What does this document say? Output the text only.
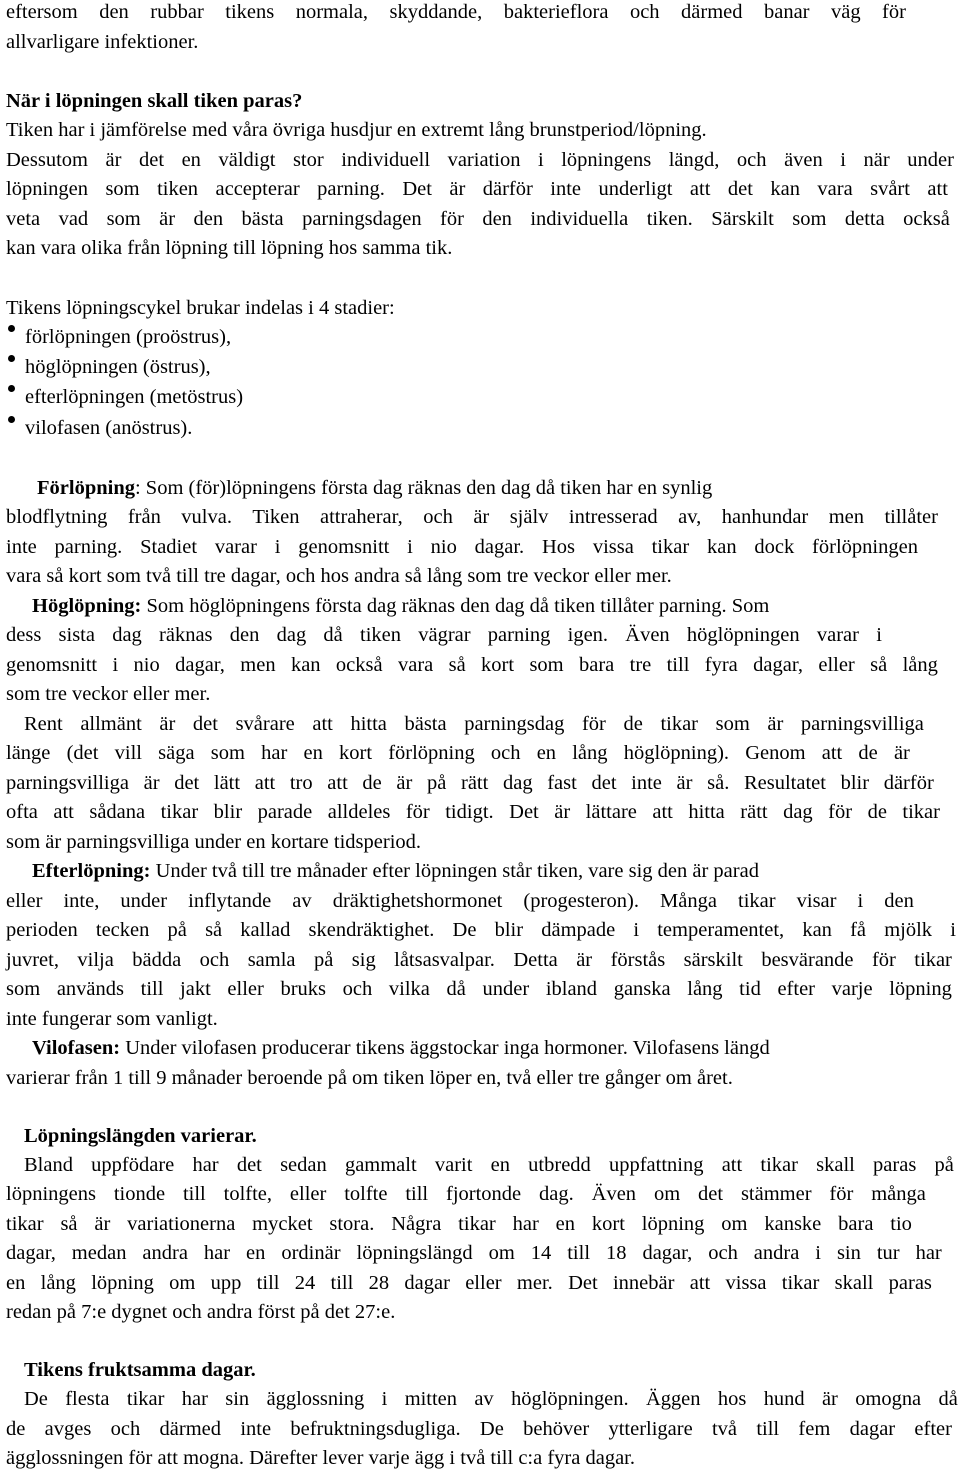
eftersom den rubbar tikens normala, skyddande, bakterieflora och därmed banar väg för

allvarligare infektioner.

När i löpningen skall tiken paras?

Tiken har i jämförelse med våra övriga husdjur en extremt lång brunstperiod/löpning.

Dessutom är det en väldigt stor individuell variation i löpningens längd, och även i när under

löpningen som tiken accepterar parning. Det är därför inte underligt att det kan vara svårt att

veta vad som är den bästa parningsdagen för den individuella tiken. Särskilt som detta också

kan vara olika från löpning till löpning hos samma tik.

Tikens löpningscykel brukar indelas i 4 stadier:

förlöpningen (proöstrus),

höglöpningen (östrus),

efterlöpningen (metöstrus)

vilofasen (anöstrus).

Förlöpning: Som (för)löpningens första dag räknas den dag då tiken har en synlig

blodflytning från vulva. Tiken attraherar, och är själv intresserad av, hanhundar men tillåter

inte parning. Stadiet varar i genomsnitt i nio dagar. Hos vissa tikar kan dock förlöpningen

vara så kort som två till tre dagar, och hos andra så lång som tre veckor eller mer.

Höglöpning: Som höglöpningens första dag räknas den dag då tiken tillåter parning. Som

dess sista dag räknas den dag då tiken vägrar parning igen. Även höglöpningen varar i

genomsnitt i nio dagar, men kan också vara så kort som bara tre till fyra dagar, eller så lång

som tre veckor eller mer.

Rent allmänt är det svårare att hitta bästa parningsdag för de tikar som är parningsvilliga

länge (det vill säga som har en kort förlöpning och en lång höglöpning). Genom att de är

parningsvilliga är det lätt att tro att de är på rätt dag fast det inte är så. Resultatet blir därför

ofta att sådana tikar blir parade alldeles för tidigt. Det är lättare att hitta rätt dag för de tikar

som är parningsvilliga under en kortare tidsperiod.

Efterlöpning: Under två till tre månader efter löpningen står tiken, vare sig den är parad

eller inte, under inflytande av dräktighetshormonet (progesteron). Många tikar visar i den

perioden tecken på så kallad skendräktighet. De blir dämpade i temperamentet, kan få mjölk i

juvret, vilja bädda och samla på sig låtsasvalpar. Detta är förstås särskilt besvärande för tikar

som används till jakt eller bruks och vilka då under ibland ganska lång tid efter varje löpning

inte fungerar som vanligt.

Vilofasen: Under vilofasen producerar tikens äggstockar inga hormoner. Vilofasens längd

varierar från 1 till 9 månader beroende på om tiken löper en, två eller tre gånger om året.

Löpningslängden varierar.

Bland uppfödare har det sedan gammalt varit en utbredd uppfattning att tikar skall paras på

löpningens tionde till tolfte, eller tolfte till fjortonde dag. Även om det stämmer för många

tikar så är variationerna mycket stora. Några tikar har en kort löpning om kanske bara tio

dagar, medan andra har en ordinär löpningslängd om 14 till 18 dagar, och andra i sin tur har

en lång löpning om upp till 24 till 28 dagar eller mer. Det innebär att vissa tikar skall paras

redan på 7:e dygnet och andra först på det 27:e.

Tikens fruktsamma dagar.

De flesta tikar har sin ägglossning i mitten av höglöpningen. Äggen hos hund är omogna då

de avges och därmed inte befruktningsdugliga. De behöver ytterligare två till fem dagar efter

ägglossningen för att mogna. Därefter lever varje ägg i två till c:a fyra dagar.
